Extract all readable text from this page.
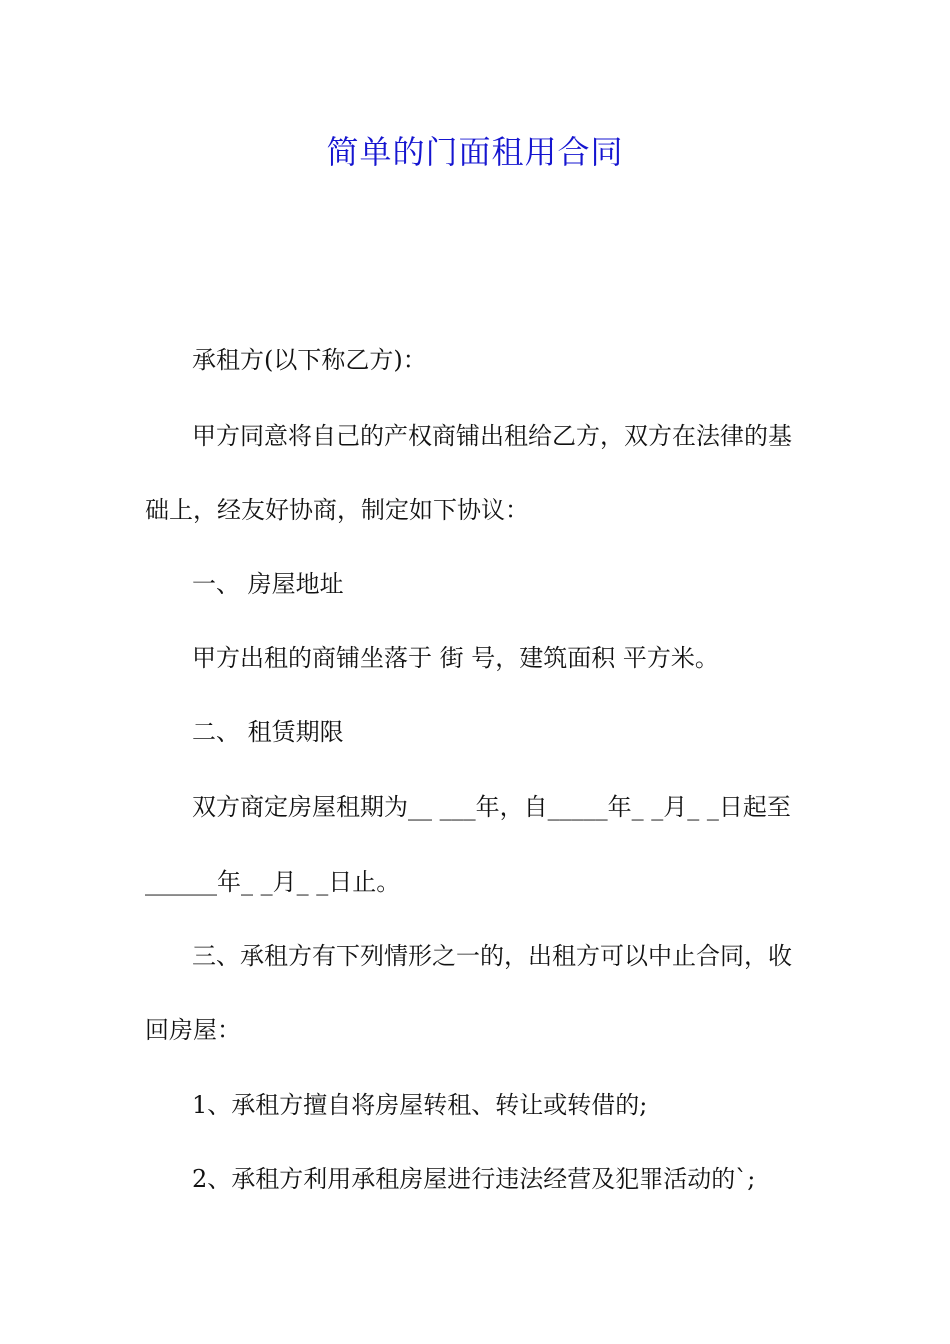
简单的门面租用合同
承租方(以下称乙方)：
甲方同意将自己的产权商铺出租给乙方，双方在法律的基
础上，经友好协商，制定如下协议：
一、 房屋地址
甲方出租的商铺坐落于 街 号，建筑面积 平方米。
二、 租赁期限
双方商定房屋租期为__ ___年，自_____年_ _月_ _日起至
______年_ _月_ _日止。
三、承租方有下列情形之一的，出租方可以中止合同，收
回房屋：
1、承租方擅自将房屋转租、转让或转借的;
2、承租方利用承租房屋进行违法经营及犯罪活动的`;
